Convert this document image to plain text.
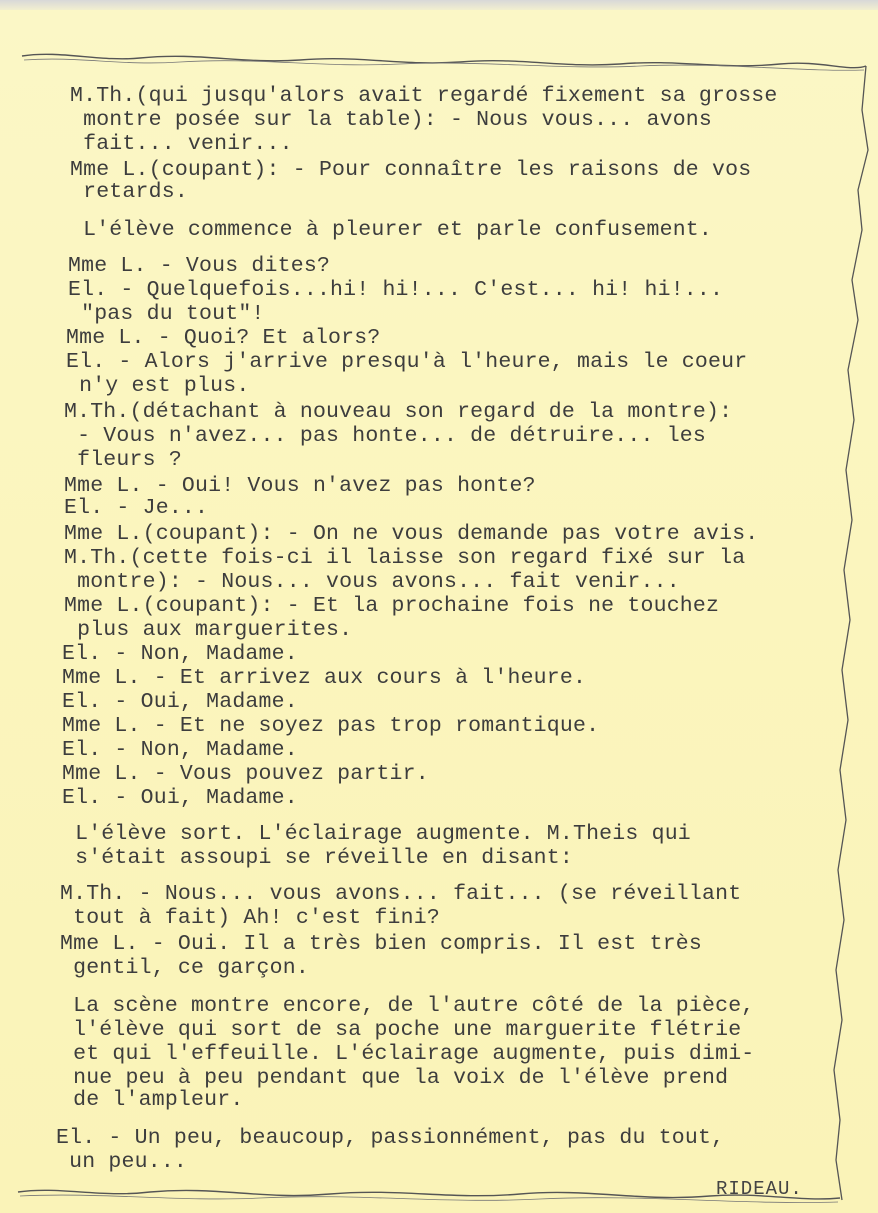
M.Th.(qui jusqu'alors avait regardé fixement sa grosse
montre posée sur la table): - Nous vous... avons
fait... venir...
Mme L.(coupant): - Pour connaître les raisons de vos
retards.
L'élève commence à pleurer et parle confusement.
Mme L. - Vous dites?
El. - Quelquefois...hi! hi!... C'est... hi! hi!...
"pas du tout"!
Mme L. - Quoi? Et alors?
El. - Alors j'arrive presqu'à l'heure, mais le coeur
n'y est plus.
M.Th.(détachant à nouveau son regard de la montre):
- Vous n'avez... pas honte... de détruire... les
fleurs ?
Mme L. - Oui! Vous n'avez pas honte?
El. - Je...
Mme L.(coupant): - On ne vous demande pas votre avis.
M.Th.(cette fois-ci il laisse son regard fixé sur la
montre): - Nous... vous avons... fait venir...
Mme L.(coupant): - Et la prochaine fois ne touchez
plus aux marguerites.
El. - Non, Madame.
Mme L. - Et arrivez aux cours à l'heure.
El. - Oui, Madame.
Mme L. - Et ne soyez pas trop romantique.
El. - Non, Madame.
Mme L. - Vous pouvez partir.
El. - Oui, Madame.
L'élève sort. L'éclairage augmente. M.Theis qui
s'était assoupi se réveille en disant:
M.Th. - Nous... vous avons... fait... (se réveillant
tout à fait) Ah! c'est fini?
Mme L. - Oui. Il a très bien compris. Il est très
gentil, ce garçon.
La scène montre encore, de l'autre côté de la pièce,
l'élève qui sort de sa poche une marguerite flétrie
et qui l'effeuille. L'éclairage augmente, puis dimi-
nue peu à peu pendant que la voix de l'élève prend
de l'ampleur.
El. - Un peu, beaucoup, passionnément, pas du tout,
un peu...
RIDEAU.
